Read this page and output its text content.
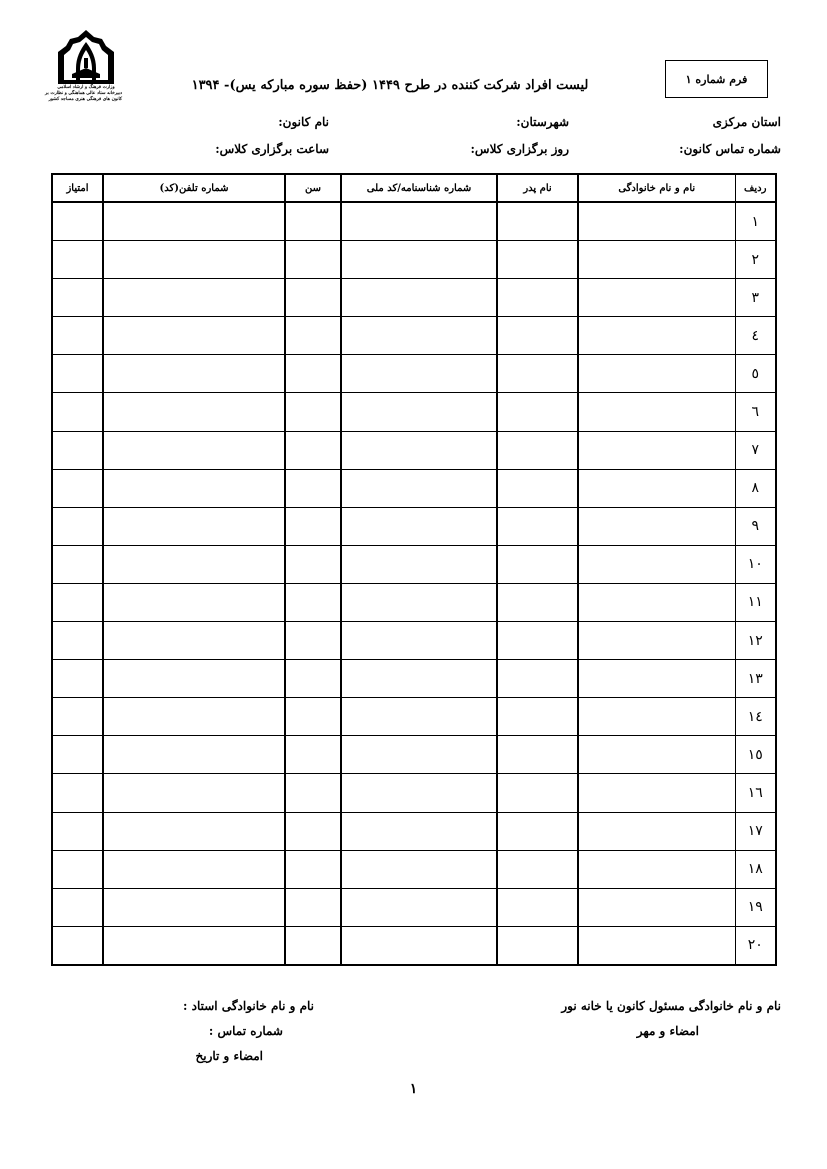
وزارت فرهنگ و ارشاد اسلامی
دبیرخانه ستاد عالی هماهنگی و نظارت بر
کانون های فرهنگی هنری مساجد کشور
فرم شماره ۱
لیست افراد شرکت کننده در طرح ۱۴۴۹ (حفظ سوره مبارکه یس)- ۱۳۹۴
استان مرکزی
شهرستان:
نام کانون:
شماره تماس کانون:
روز برگزاری کلاس:
ساعت برگزاری کلاس:
امتیاز	شماره تلفن(کد)	سن	شماره شناسنامه/کد ملی	نام پدر	نام و نام خانوادگی	ردیف
						۱
						۲
						۳
						٤
						٥
						٦
						۷
						۸
						۹
						۱۰
						۱۱
						۱۲
						۱۳
						۱٤
						۱٥
						۱٦
						۱۷
						۱۸
						۱۹
						۲۰
نام و نام خانوادگی مسئول کانون یا خانه نور
امضاء و مهر
نام و نام خانوادگی استاد :
شماره تماس :
امضاء و تاریخ
۱
